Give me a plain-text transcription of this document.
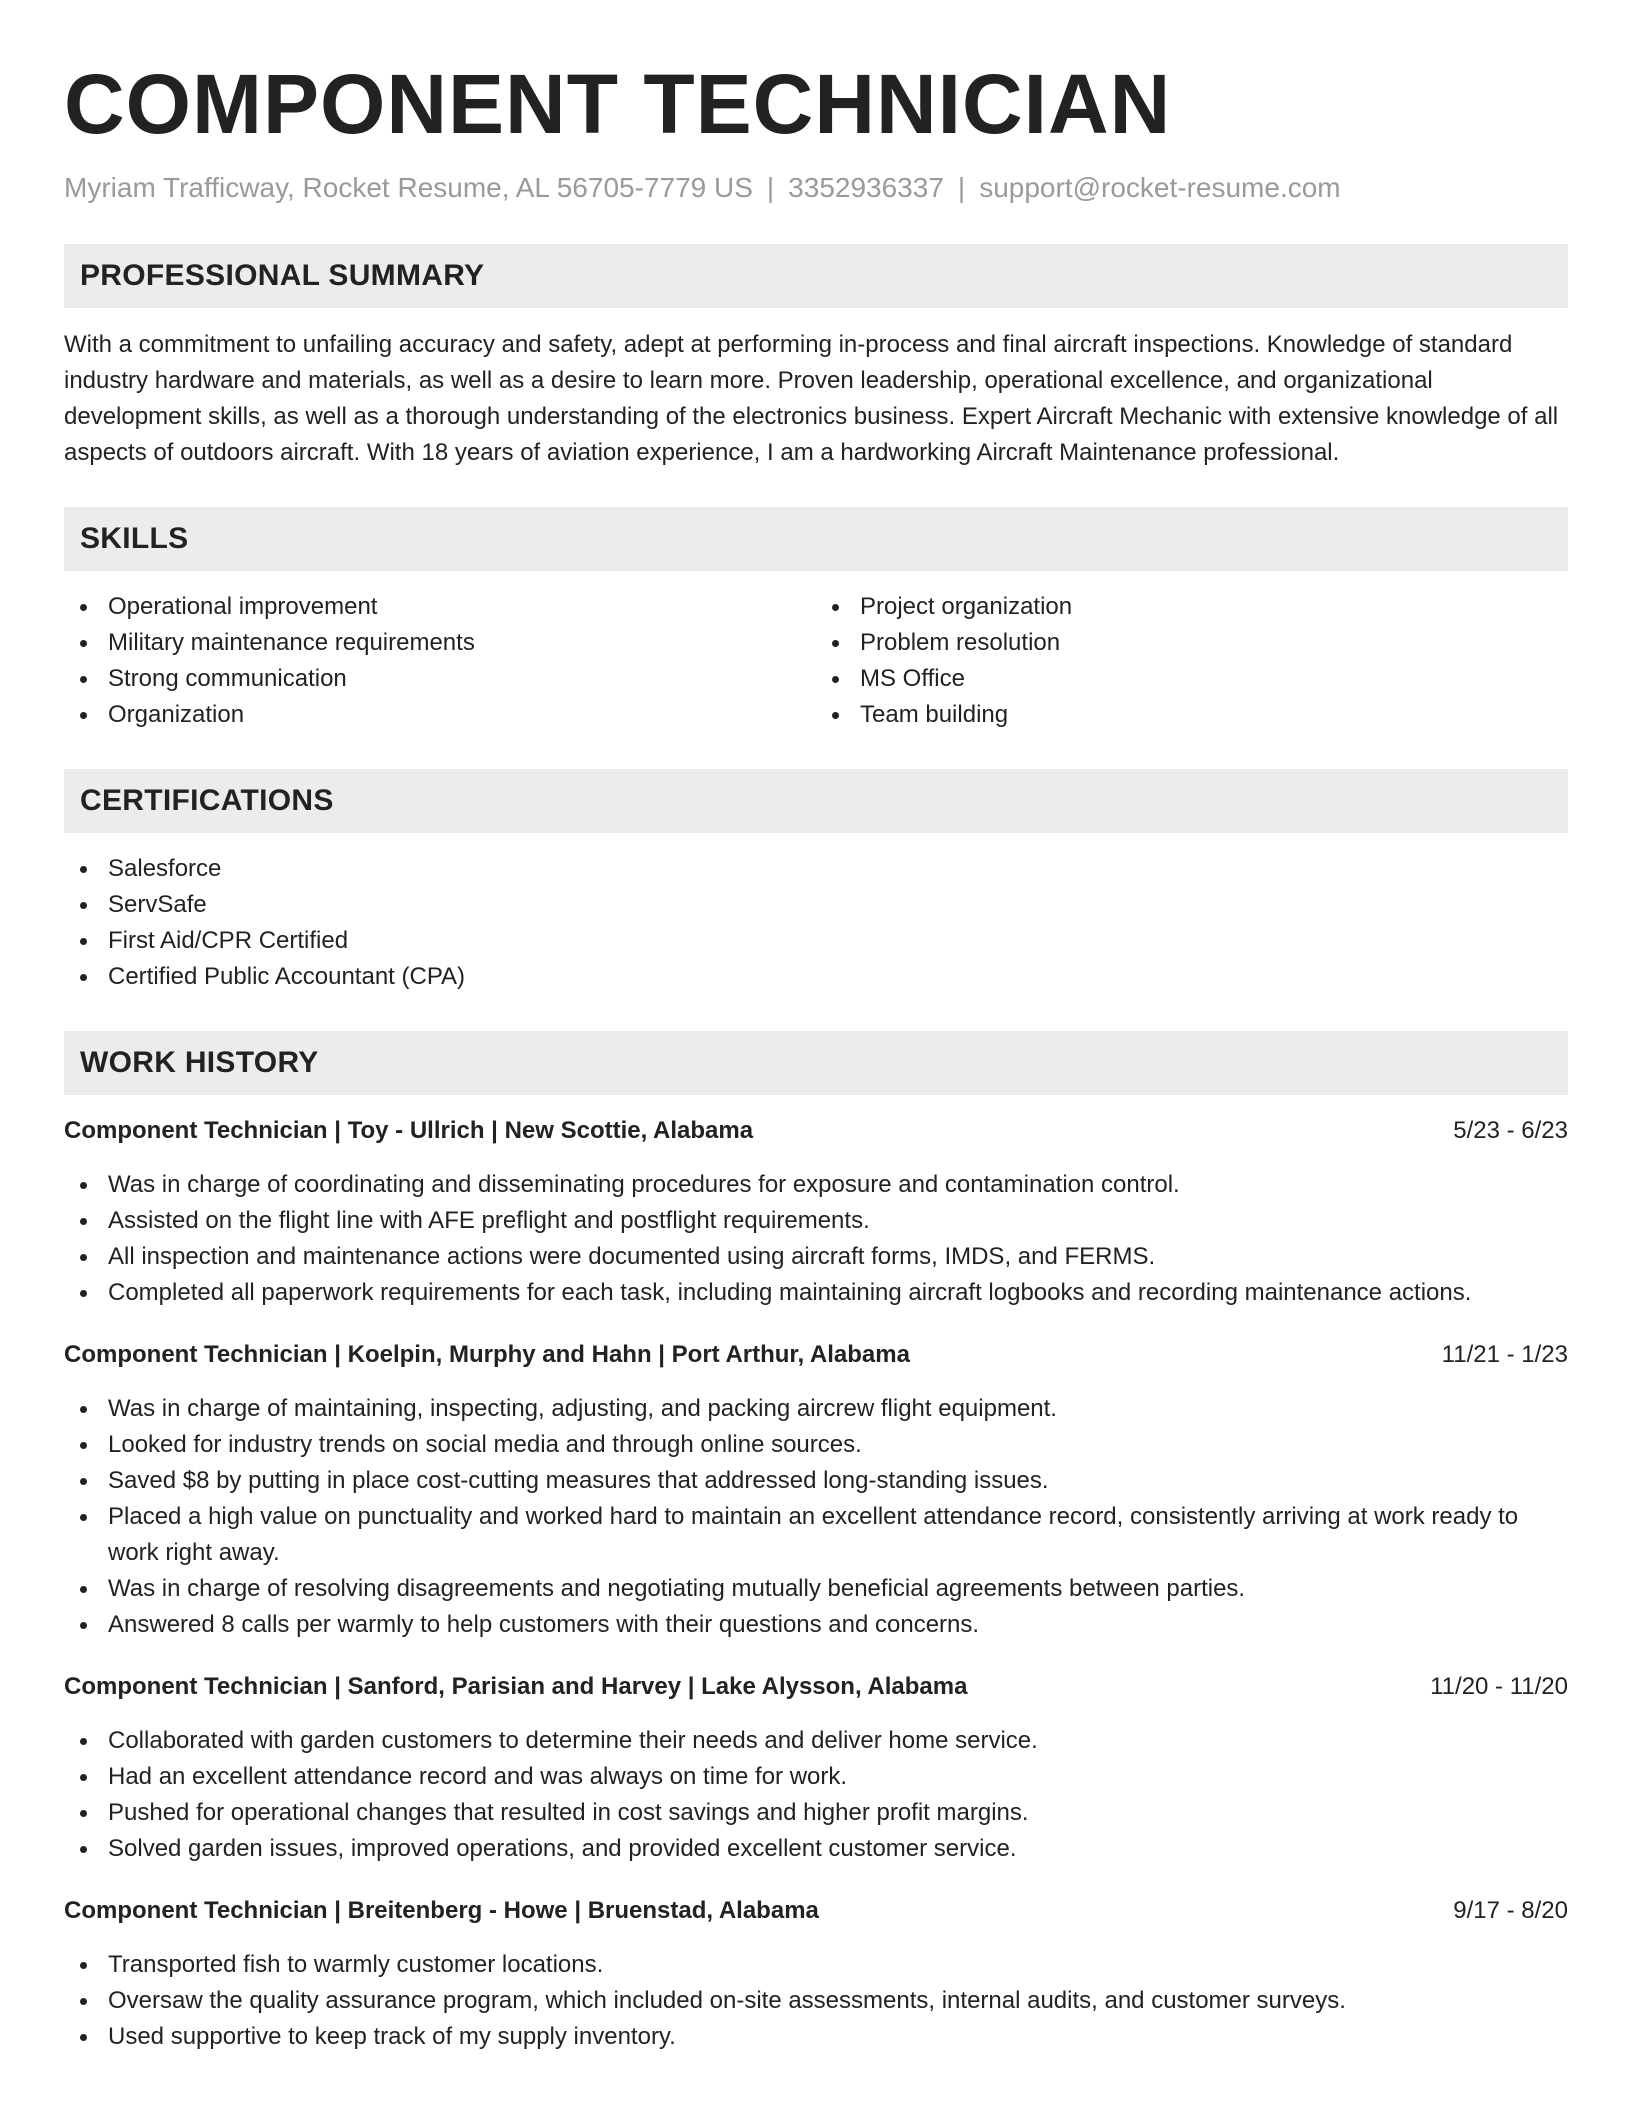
COMPONENT TECHNICIAN
Myriam Trafficway, Rocket Resume, AL 56705-7779 US | 3352936337 | support@rocket-resume.com
PROFESSIONAL SUMMARY

With a commitment to unfailing accuracy and safety, adept at performing in-process and final aircraft inspections. Knowledge of standard industry hardware and materials, as well as a desire to learn more. Proven leadership, operational excellence, and organizational development skills, as well as a thorough understanding of the electronics business. Expert Aircraft Mechanic with extensive knowledge of all aspects of outdoors aircraft. With 18 years of aviation experience, I am a hardworking Aircraft Maintenance professional.

SKILLS
Operational improvement
Military maintenance requirements
Strong communication
Organization
Project organization
Problem resolution
MS Office
Team building
CERTIFICATIONS
Salesforce
ServSafe
First Aid/CPR Certified
Certified Public Accountant (CPA)
WORK HISTORY
Component Technician | Toy - Ullrich | New Scottie, Alabama	5/23 - 6/23
Was in charge of coordinating and disseminating procedures for exposure and contamination control.
Assisted on the flight line with AFE preflight and postflight requirements.
All inspection and maintenance actions were documented using aircraft forms, IMDS, and FERMS.
Completed all paperwork requirements for each task, including maintaining aircraft logbooks and recording maintenance actions.
Component Technician | Koelpin, Murphy and Hahn | Port Arthur, Alabama	11/21 - 1/23
Was in charge of maintaining, inspecting, adjusting, and packing aircrew flight equipment.
Looked for industry trends on social media and through online sources.
Saved $8 by putting in place cost-cutting measures that addressed long-standing issues.
Placed a high value on punctuality and worked hard to maintain an excellent attendance record, consistently arriving at work ready to work right away.
Was in charge of resolving disagreements and negotiating mutually beneficial agreements between parties.
Answered 8 calls per warmly to help customers with their questions and concerns.
Component Technician | Sanford, Parisian and Harvey | Lake Alysson, Alabama	11/20 - 11/20
Collaborated with garden customers to determine their needs and deliver home service.
Had an excellent attendance record and was always on time for work.
Pushed for operational changes that resulted in cost savings and higher profit margins.
Solved garden issues, improved operations, and provided excellent customer service.
Component Technician | Breitenberg - Howe | Bruenstad, Alabama	9/17 - 8/20
Transported fish to warmly customer locations.
Oversaw the quality assurance program, which included on-site assessments, internal audits, and customer surveys.
Used supportive to keep track of my supply inventory.
